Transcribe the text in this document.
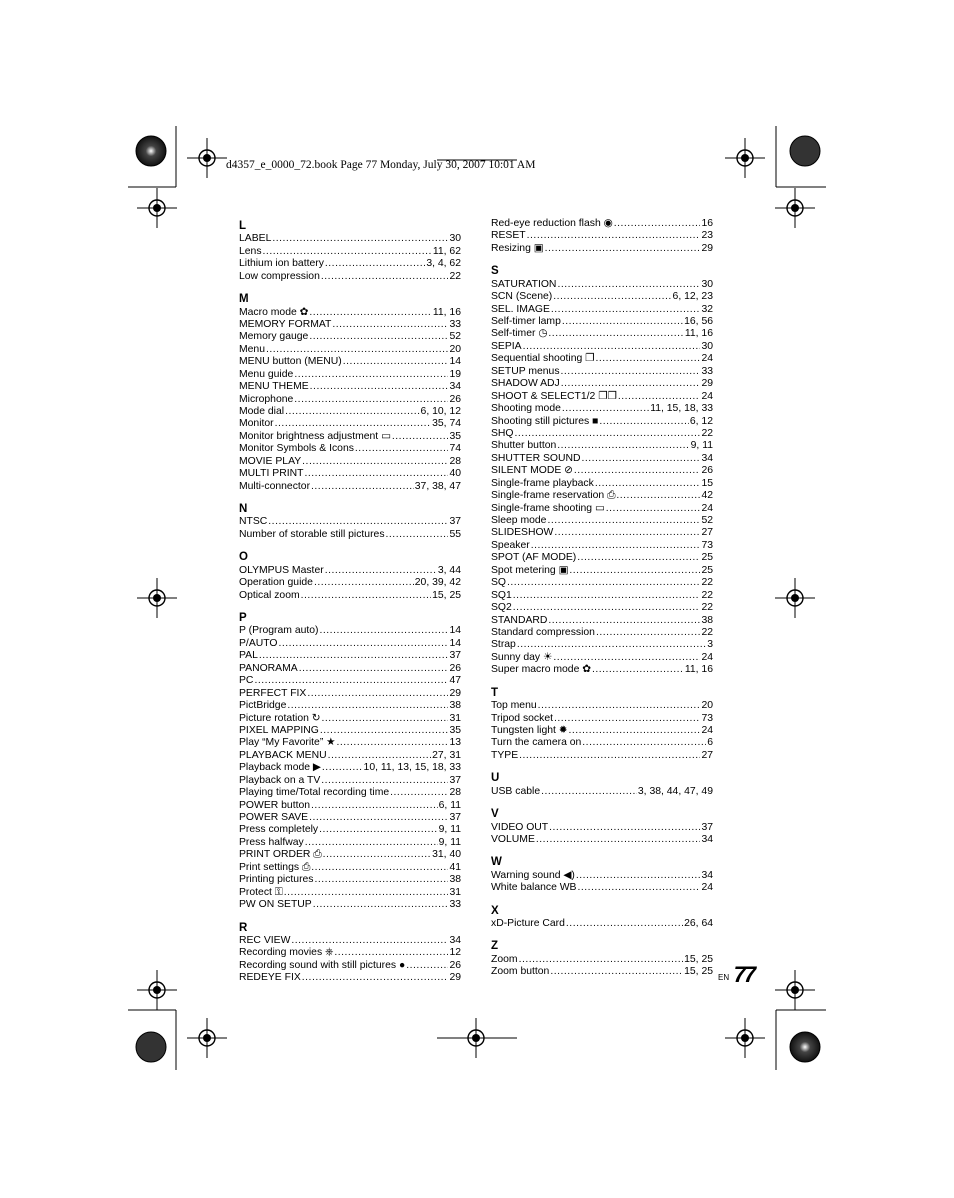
d4357_e_0000_72.book Page 77 Monday, July 30, 2007 10:01 AM
L
LABEL .....	30
Lens .....	11, 62
Lithium ion battery .....	3, 4, 62
Low compression .....	22
M
Macro mode ✿ .....	11, 16
MEMORY FORMAT .....	33
Memory gauge .....	52
Menu .....	20
MENU button (MENU) .....	14
Menu guide .....	19
MENU THEME .....	34
Microphone .....	26
Mode dial .....	6, 10, 12
Monitor .....	35, 74
Monitor brightness adjustment ▭ .....	35
Monitor Symbols & Icons .....	74
MOVIE PLAY .....	28
MULTI PRINT .....	40
Multi-connector .....	37, 38, 47
N
NTSC .....	37
Number of storable still pictures .....	55
O
OLYMPUS Master .....	3, 44
Operation guide .....	20, 39, 42
Optical zoom .....	15, 25
P
P (Program auto) .....	14
P/AUTO .....	14
PAL .....	37
PANORAMA .....	26
PC .....	47
PERFECT FIX .....	29
PictBridge .....	38
Picture rotation ↻ .....	31
PIXEL MAPPING .....	35
Play “My Favorite” ★ .....	13
PLAYBACK MENU .....	27, 31
Playback mode ▶ .....	10, 11, 13, 15, 18, 33
Playback on a TV .....	37
Playing time/Total recording time .....	28
POWER button .....	6, 11
POWER SAVE .....	37
Press completely .....	9, 11
Press halfway .....	9, 11
PRINT ORDER ⎙ .....	31, 40
Print settings ⎙ .....	41
Printing pictures .....	38
Protect ⚿ .....	31
PW ON SETUP .....	33
R
REC VIEW .....	34
Recording movies ⎈ .....	12
Recording sound with still pictures ● .....	26
REDEYE FIX .....	29
Red-eye reduction flash ◉ .....	16
RESET .....	23
Resizing ▣ .....	29
S
SATURATION .....	30
SCN (Scene) .....	6, 12, 23
SEL. IMAGE .....	32
Self-timer lamp .....	16, 56
Self-timer ◷ .....	11, 16
SEPIA .....	30
Sequential shooting ❐ .....	24
SETUP menus .....	33
SHADOW ADJ .....	29
SHOOT & SELECT1/2 ❐❐ .....	24
Shooting mode .....	11, 15, 18, 33
Shooting still pictures ■ .....	6, 12
SHQ .....	22
Shutter button .....	9, 11
SHUTTER SOUND .....	34
SILENT MODE ⊘ .....	26
Single-frame playback .....	15
Single-frame reservation ⎙ .....	42
Single-frame shooting ▭ .....	24
Sleep mode .....	52
SLIDESHOW .....	27
Speaker .....	73
SPOT (AF MODE) .....	25
Spot metering ▣ .....	25
SQ .....	22
SQ1 .....	22
SQ2 .....	22
STANDARD .....	38
Standard compression .....	22
Strap .....	3
Sunny day ☀ .....	24
Super macro mode ✿ .....	11, 16
T
Top menu .....	20
Tripod socket .....	73
Tungsten light ✹ .....	24
Turn the camera on .....	6
TYPE .....	27
U
USB cable .....	3, 38, 44, 47, 49
V
VIDEO OUT .....	37
VOLUME .....	34
W
Warning sound ◀) .....	34
White balance WB .....	24
X
xD-Picture Card .....	26, 64
Z
Zoom .....	15, 25
Zoom button .....	15, 25
EN 77
